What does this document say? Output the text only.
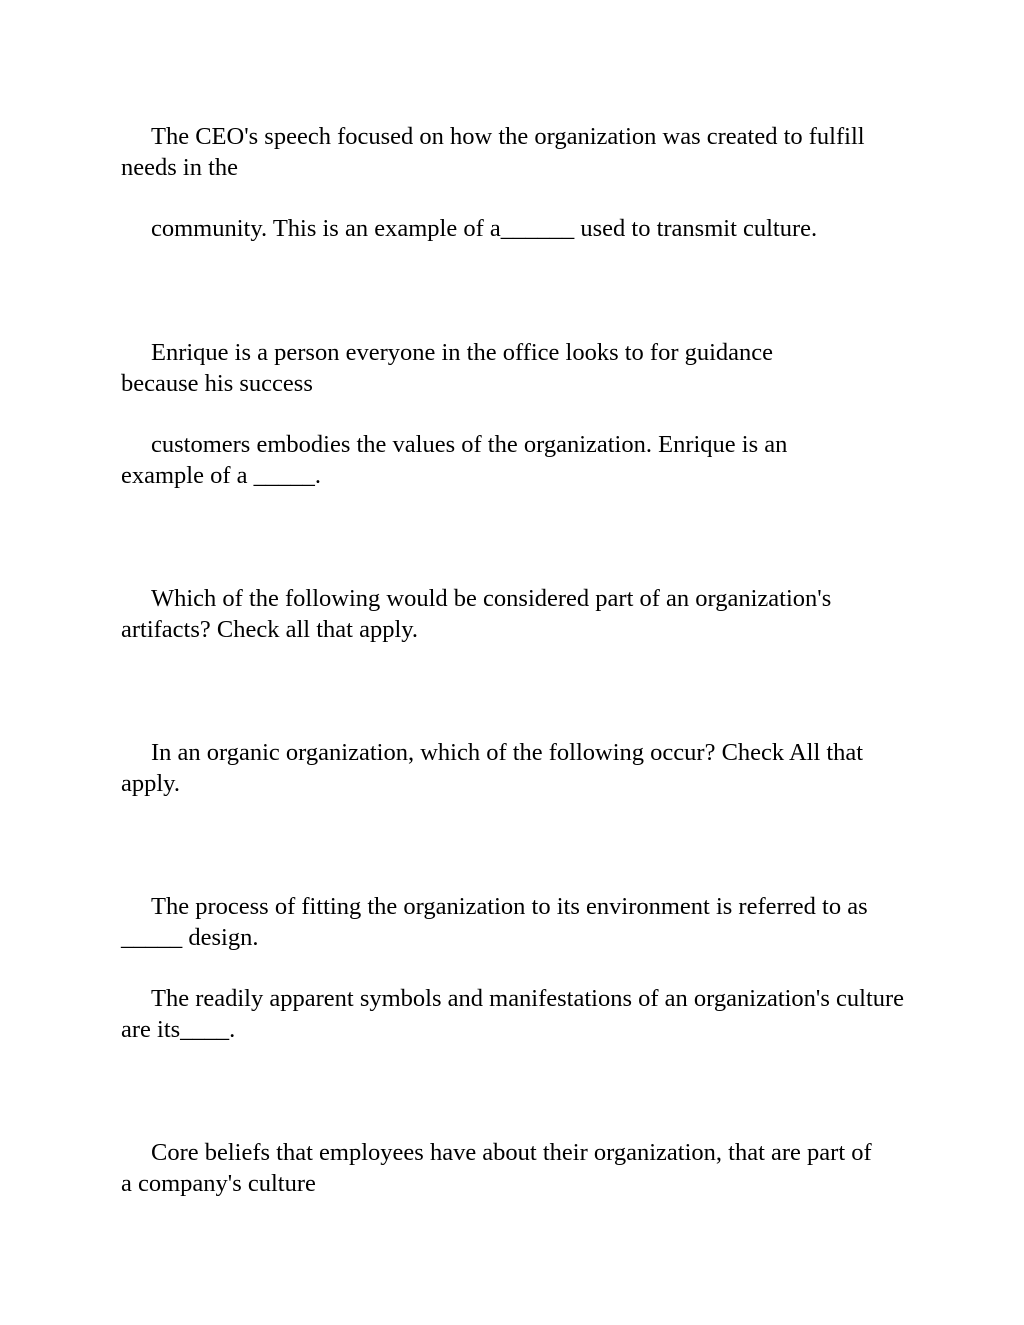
The CEO's speech focused on how the organization was created to fulfill needs in the

community. This is an example of a______ used to transmit culture.

Enrique is a person everyone in the office looks to for guidance because his success

customers embodies the values of the organization. Enrique is an example of a _____.

Which of the following would be considered part of an organization's artifacts? Check all that apply.

In an organic organization, which of the following occur? Check All that apply.

The process of fitting the organization to its environment is referred to as _____ design.

The readily apparent symbols and manifestations of an organization's culture are its____.

Core beliefs that employees have about their organization, that are part of a company's culture
